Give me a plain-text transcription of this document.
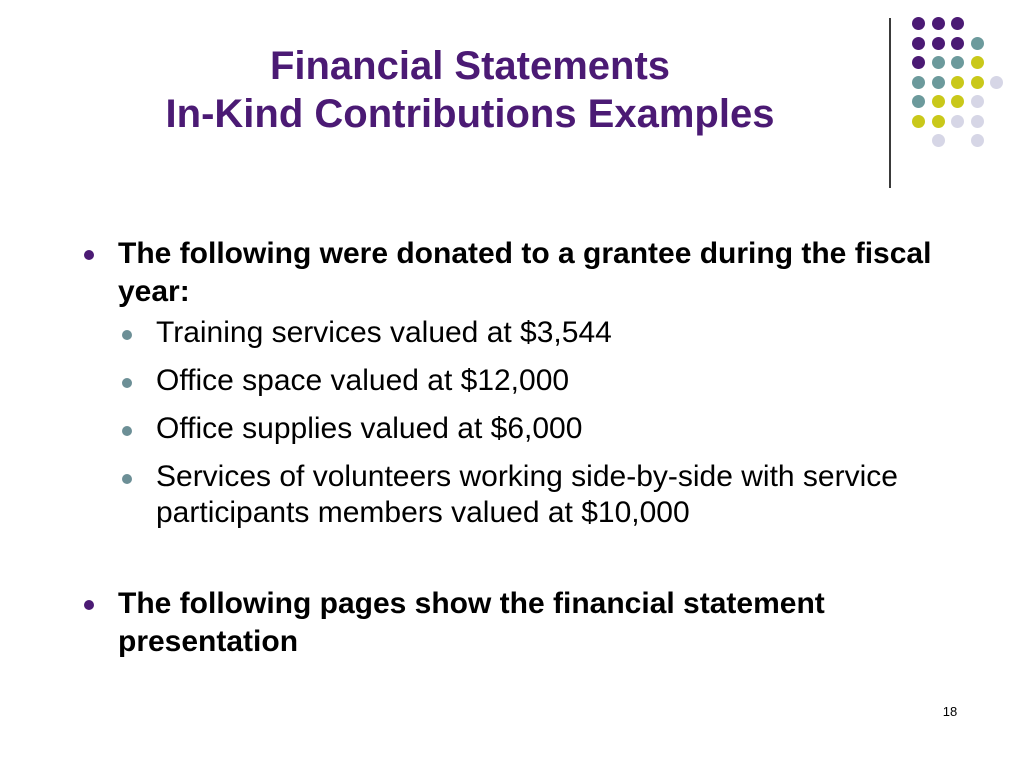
Financial Statements
In-Kind Contributions Examples
The following were donated to a grantee during the fiscal year:
Training services valued at $3,544
Office space valued at $12,000
Office supplies valued at $6,000
Services of volunteers working side-by-side with service participants members valued at $10,000
The following pages show the financial statement presentation
18
